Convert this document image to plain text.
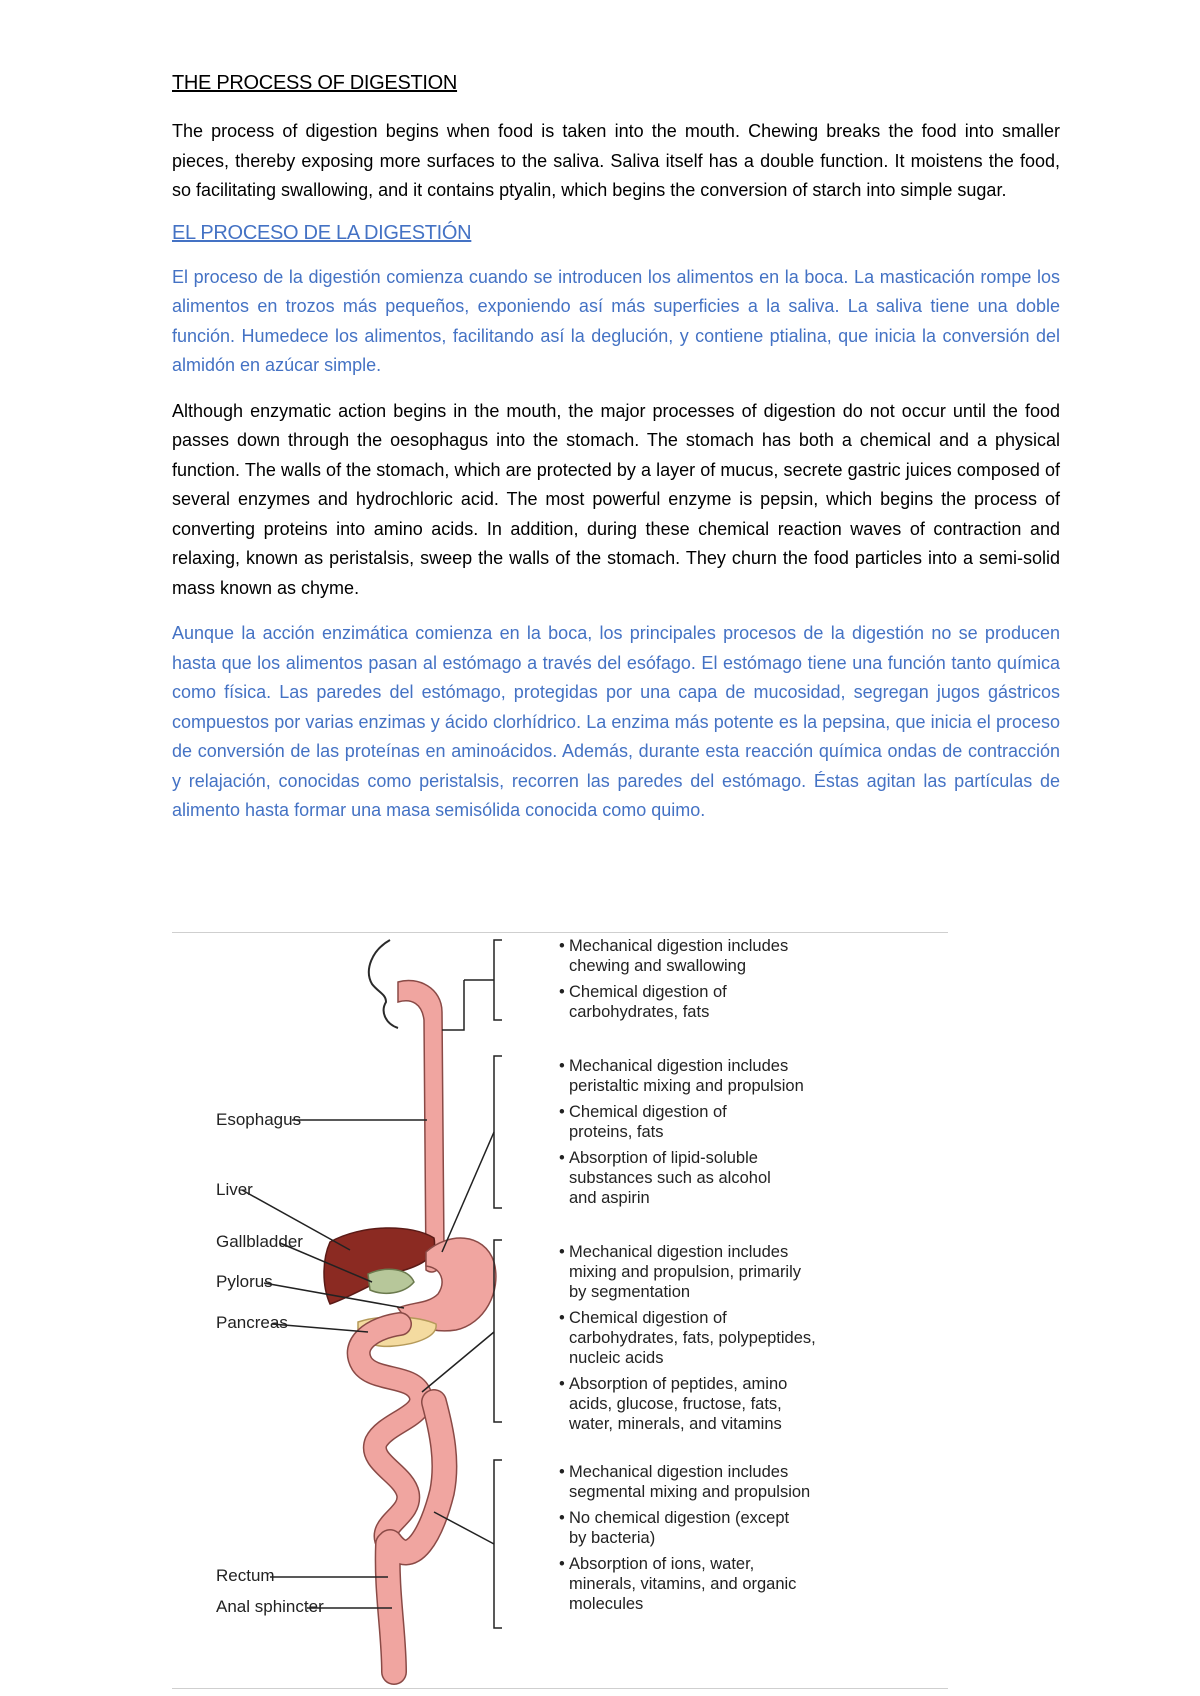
THE PROCESS OF DIGESTION

The process of digestion begins when food is taken into the mouth. Chewing breaks the food into smaller pieces, thereby exposing more surfaces to the saliva. Saliva itself has a double function. It moistens the food, so facilitating swallowing, and it contains ptyalin, which begins the conversion of starch into simple sugar.

EL PROCESO DE LA DIGESTIÓN

El proceso de la digestión comienza cuando se introducen los alimentos en la boca. La masticación rompe los alimentos en trozos más pequeños, exponiendo así más superficies a la saliva. La saliva tiene una doble función. Humedece los alimentos, facilitando así la deglución, y contiene ptialina, que inicia la conversión del almidón en azúcar simple.

Although enzymatic action begins in the mouth, the major processes of digestion do not occur until the food passes down through the oesophagus into the stomach. The stomach has both a chemical and a physical function. The walls of the stomach, which are protected by a layer of mucus, secrete gastric juices composed of several enzymes and hydrochloric acid. The most powerful enzyme is pepsin, which begins the process of converting proteins into amino acids. In addition, during these chemical reaction waves of contraction and relaxing, known as peristalsis, sweep the walls of the stomach. They churn the food particles into a semi-solid mass known as chyme.

Aunque la acción enzimática comienza en la boca, los principales procesos de la digestión no se producen hasta que los alimentos pasan al estómago a través del esófago. El estómago tiene una función tanto química como física. Las paredes del estómago, protegidas por una capa de mucosidad, segregan jugos gástricos compuestos por varias enzimas y ácido clorhídrico. La enzima más potente es la pepsina, que inicia el proceso de conversión de las proteínas en aminoácidos. Además, durante esta reacción química ondas de contracción y relajación, conocidas como peristalsis, recorren las paredes del estómago. Éstas agitan las partículas de alimento hasta formar una masa semisólida conocida como quimo.

Esophagus
Liver
Gallbladder
Pylorus
Pancreas
Rectum
Anal sphincter
• Mechanical digestion includes
chewing and swallowing
• Chemical digestion of
carbohydrates, fats
• Mechanical digestion includes
peristaltic mixing and propulsion
• Chemical digestion of
proteins, fats
• Absorption of lipid-soluble
substances such as alcohol
and aspirin
• Mechanical digestion includes
mixing and propulsion, primarily
by segmentation
• Chemical digestion of
carbohydrates, fats, polypeptides,
nucleic acids
• Absorption of peptides, amino
acids, glucose, fructose, fats,
water, minerals, and vitamins
• Mechanical digestion includes
segmental mixing and propulsion
• No chemical digestion (except
by bacteria)
• Absorption of ions, water,
minerals, vitamins, and organic
molecules
